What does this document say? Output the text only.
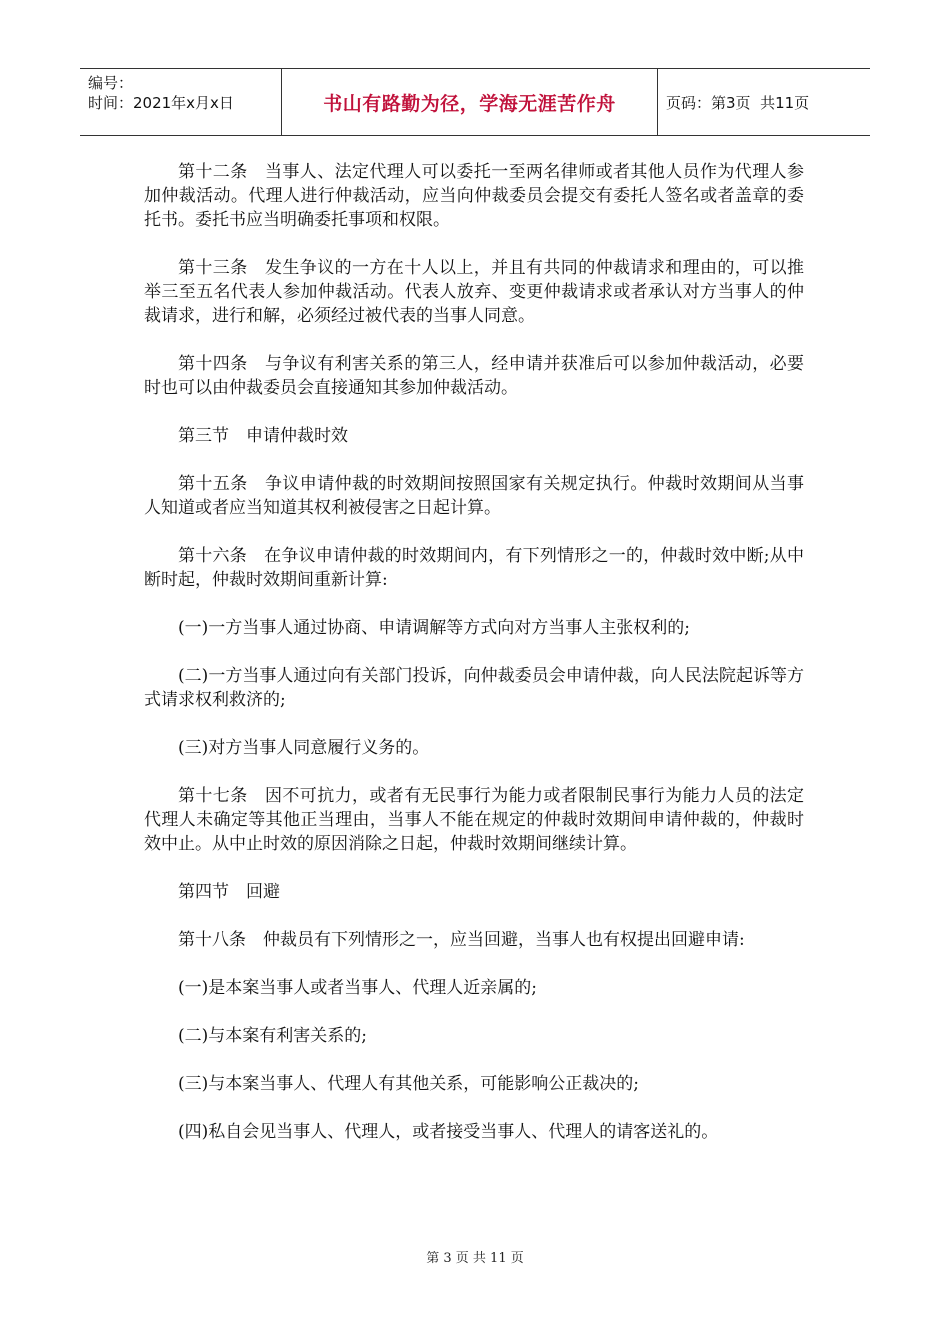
编号：
时间：2021年x月x日	书山有路勤为径，学海无涯苦作舟	页码：第3页  共11页

第十二条　当事人、法定代理人可以委托一至两名律师或者其他人员作为代理人参加仲裁活动。代理人进行仲裁活动，应当向仲裁委员会提交有委托人签名或者盖章的委托书。委托书应当明确委托事项和权限。

第十三条　发生争议的一方在十人以上，并且有共同的仲裁请求和理由的，可以推举三至五名代表人参加仲裁活动。代表人放弃、变更仲裁请求或者承认对方当事人的仲裁请求，进行和解，必须经过被代表的当事人同意。

第十四条　与争议有利害关系的第三人，经申请并获准后可以参加仲裁活动，必要时也可以由仲裁委员会直接通知其参加仲裁活动。

第三节　申请仲裁时效

第十五条　争议申请仲裁的时效期间按照国家有关规定执行。仲裁时效期间从当事人知道或者应当知道其权利被侵害之日起计算。

第十六条　在争议申请仲裁的时效期间内，有下列情形之一的，仲裁时效中断;从中断时起，仲裁时效期间重新计算:

(一)一方当事人通过协商、申请调解等方式向对方当事人主张权利的;

(二)一方当事人通过向有关部门投诉，向仲裁委员会申请仲裁，向人民法院起诉等方式请求权利救济的;

(三)对方当事人同意履行义务的。

第十七条　因不可抗力，或者有无民事行为能力或者限制民事行为能力人员的法定代理人未确定等其他正当理由，当事人不能在规定的仲裁时效期间申请仲裁的，仲裁时效中止。从中止时效的原因消除之日起，仲裁时效期间继续计算。

第四节　回避

第十八条　仲裁员有下列情形之一，应当回避，当事人也有权提出回避申请:

(一)是本案当事人或者当事人、代理人近亲属的;

(二)与本案有利害关系的;

(三)与本案当事人、代理人有其他关系，可能影响公正裁决的;

(四)私自会见当事人、代理人，或者接受当事人、代理人的请客送礼的。

第 3 页 共 11 页
